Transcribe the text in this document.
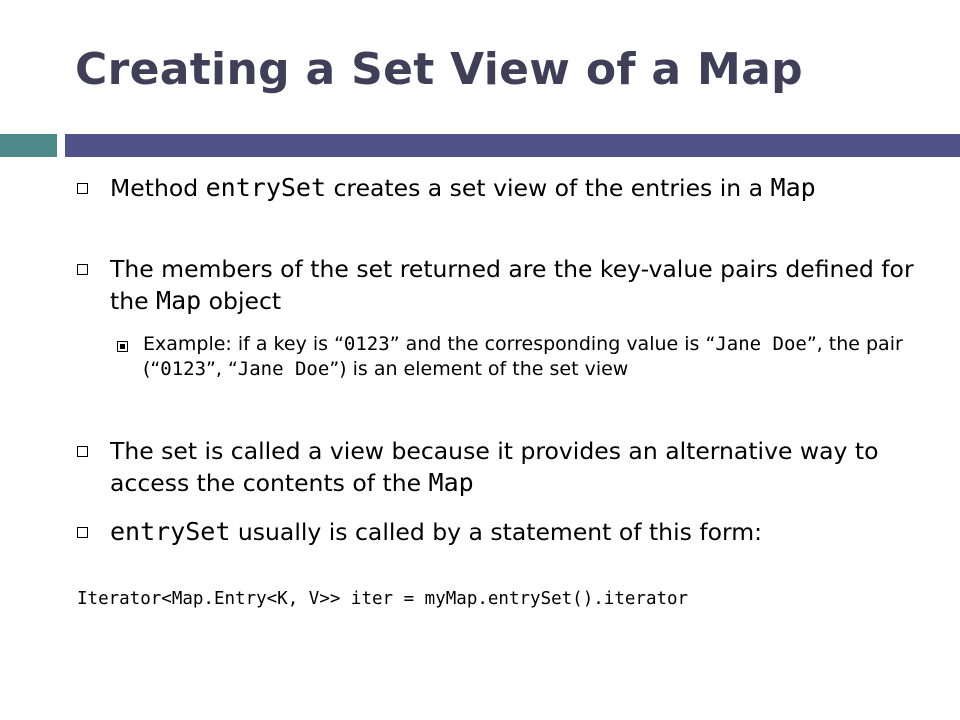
Creating a Set View of a Map
Method entrySet creates a set view of the entries in a Map
The members of the set returned are the key-value pairs defined for the Map object
Example: if a key is “0123” and the corresponding value is “Jane Doe”, the pair (“0123”, “Jane Doe”) is an element of the set view
The set is called a view because it provides an alternative way to access the contents of the Map
entrySet usually is called by a statement of this form:
Iterator<Map.Entry<K, V>> iter = myMap.entrySet().iterator
